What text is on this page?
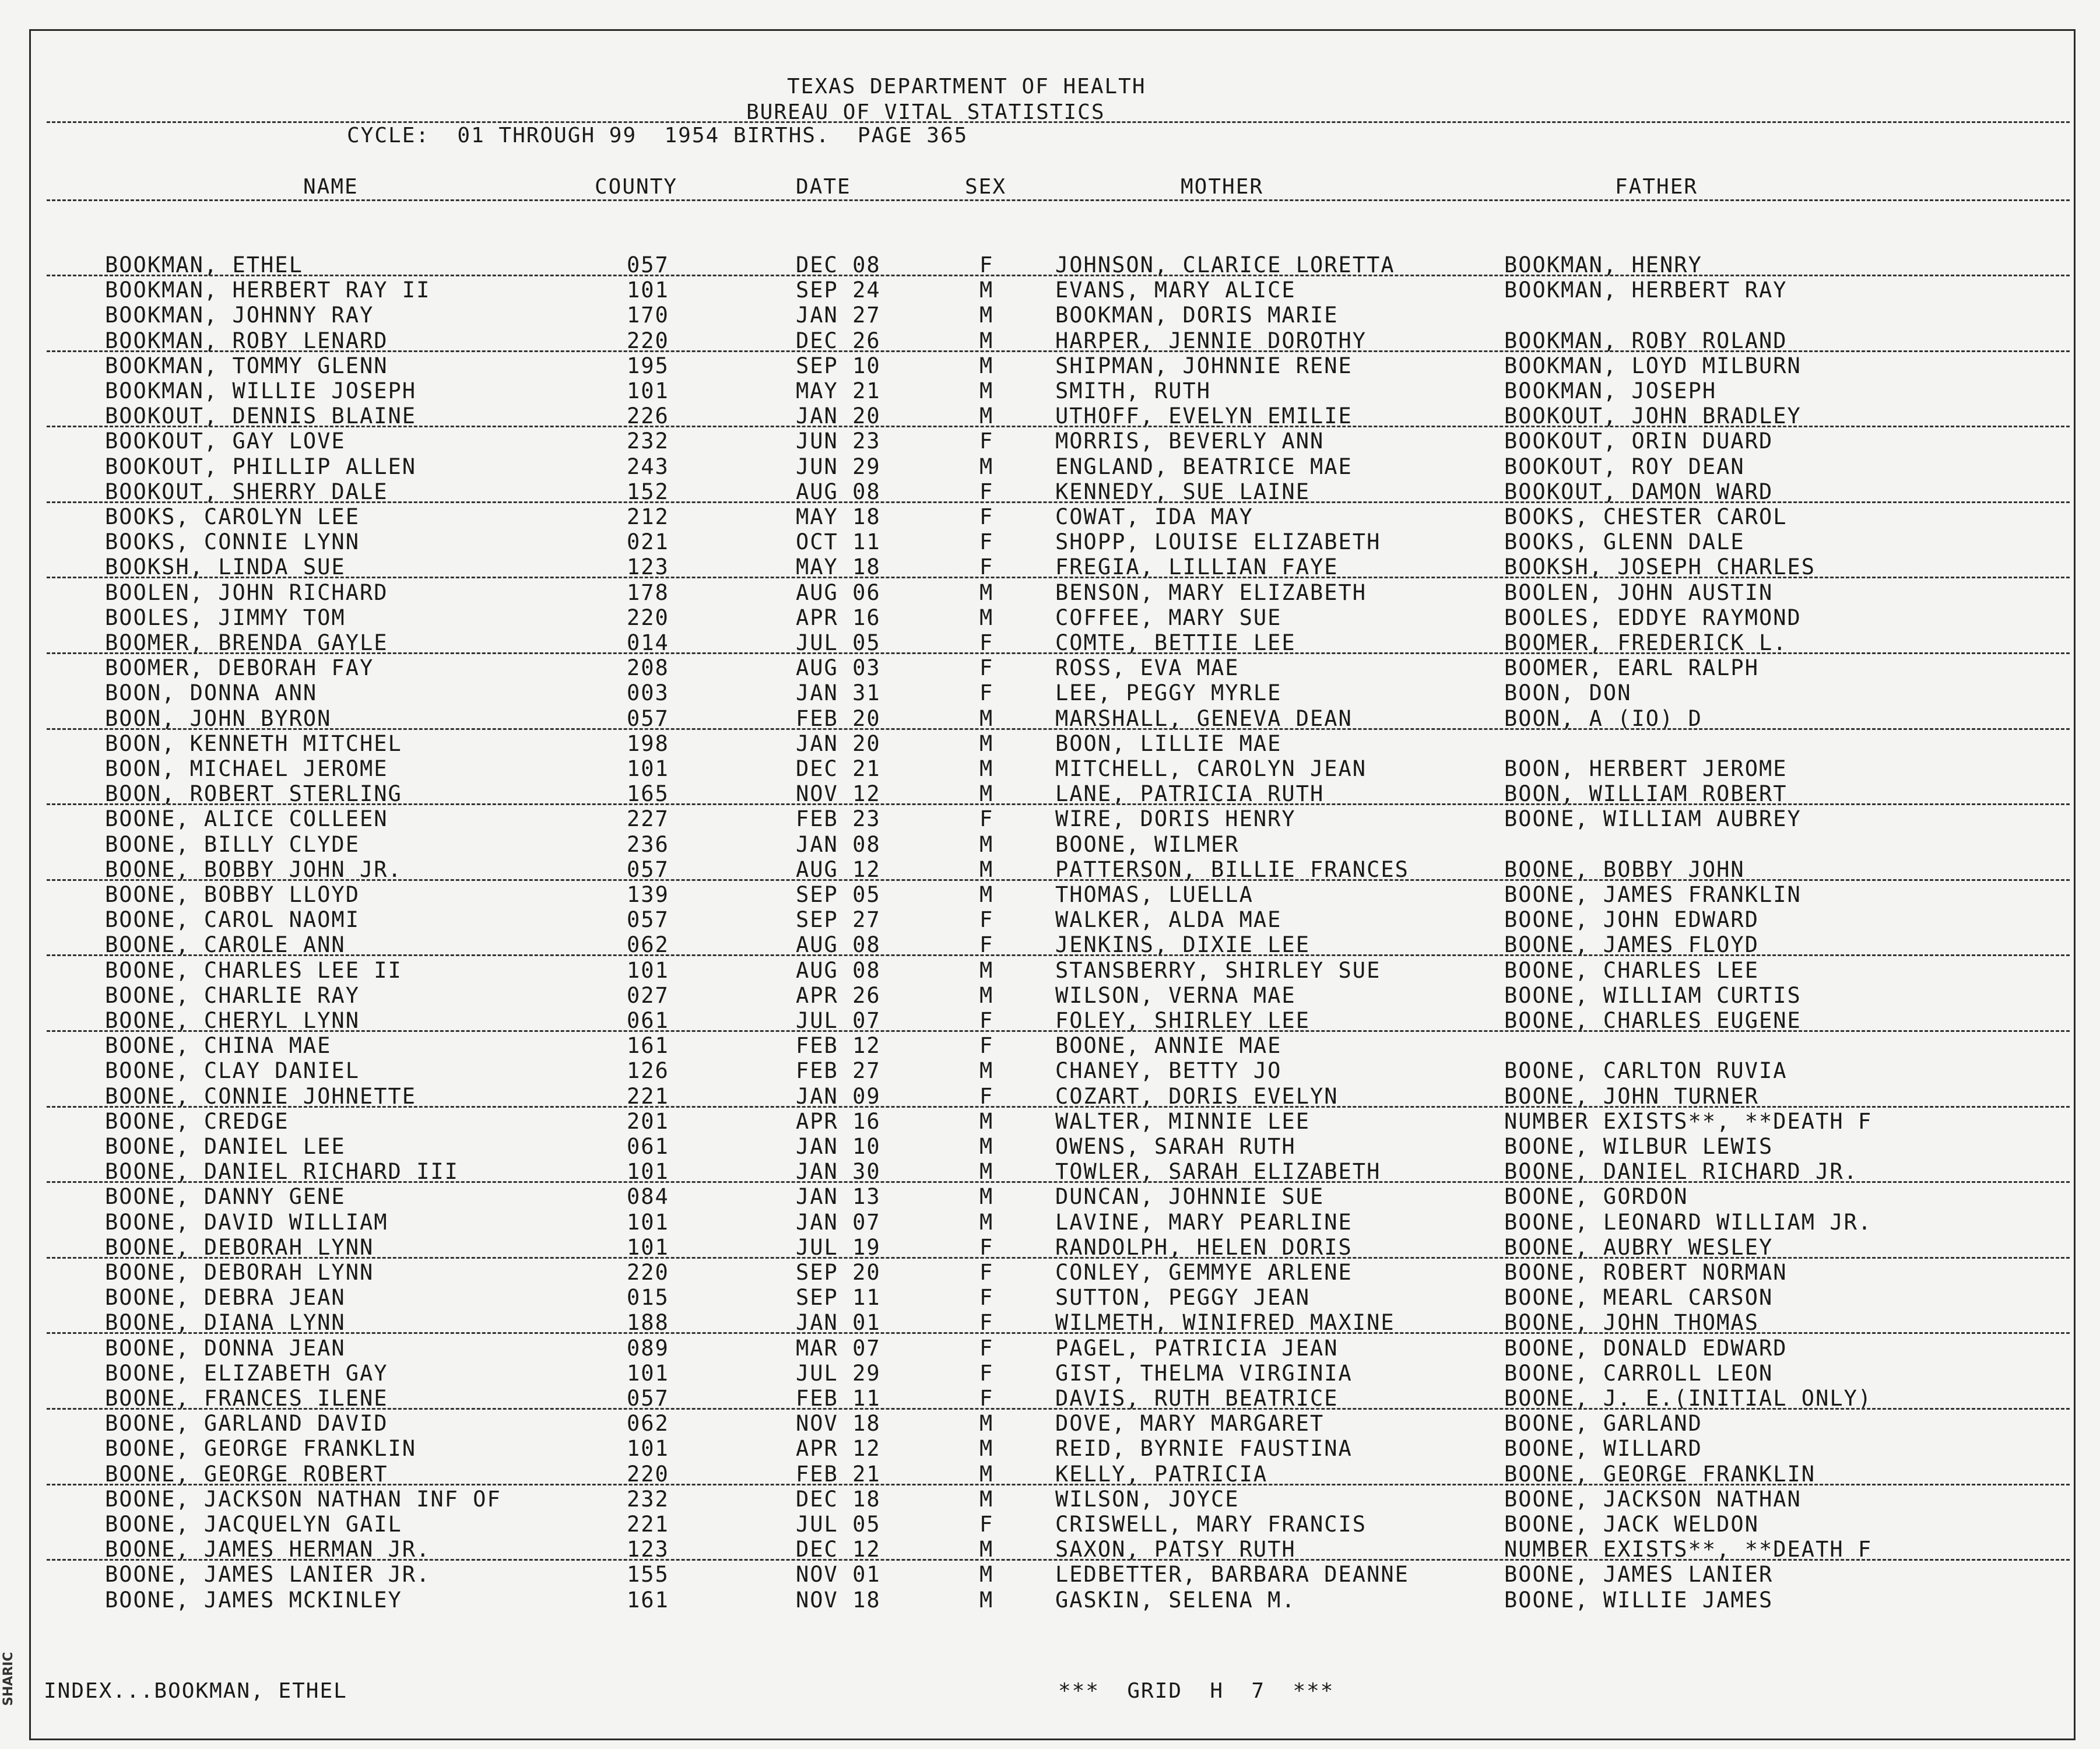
SHARIC
TEXAS DEPARTMENT OF HEALTH
BUREAU OF VITAL STATISTICS
CYCLE:  01 THROUGH 99  1954 BIRTHS.  PAGE 365
NAME	COUNTY	DATE	SEX	MOTHER	FATHER
BOOKMAN, ETHEL	057	DEC 08	F	JOHNSON, CLARICE LORETTA	BOOKMAN, HENRY
BOOKMAN, HERBERT RAY II	101	SEP 24	M	EVANS, MARY ALICE	BOOKMAN, HERBERT RAY
BOOKMAN, JOHNNY RAY	170	JAN 27	M	BOOKMAN, DORIS MARIE
BOOKMAN, ROBY LENARD	220	DEC 26	M	HARPER, JENNIE DOROTHY	BOOKMAN, ROBY ROLAND
BOOKMAN, TOMMY GLENN	195	SEP 10	M	SHIPMAN, JOHNNIE RENE	BOOKMAN, LOYD MILBURN
BOOKMAN, WILLIE JOSEPH	101	MAY 21	M	SMITH, RUTH	BOOKMAN, JOSEPH
BOOKOUT, DENNIS BLAINE	226	JAN 20	M	UTHOFF, EVELYN EMILIE	BOOKOUT, JOHN BRADLEY
BOOKOUT, GAY LOVE	232	JUN 23	F	MORRIS, BEVERLY ANN	BOOKOUT, ORIN DUARD
BOOKOUT, PHILLIP ALLEN	243	JUN 29	M	ENGLAND, BEATRICE MAE	BOOKOUT, ROY DEAN
BOOKOUT, SHERRY DALE	152	AUG 08	F	KENNEDY, SUE LAINE	BOOKOUT, DAMON WARD
BOOKS, CAROLYN LEE	212	MAY 18	F	COWAT, IDA MAY	BOOKS, CHESTER CAROL
BOOKS, CONNIE LYNN	021	OCT 11	F	SHOPP, LOUISE ELIZABETH	BOOKS, GLENN DALE
BOOKSH, LINDA SUE	123	MAY 18	F	FREGIA, LILLIAN FAYE	BOOKSH, JOSEPH CHARLES
BOOLEN, JOHN RICHARD	178	AUG 06	M	BENSON, MARY ELIZABETH	BOOLEN, JOHN AUSTIN
BOOLES, JIMMY TOM	220	APR 16	M	COFFEE, MARY SUE	BOOLES, EDDYE RAYMOND
BOOMER, BRENDA GAYLE	014	JUL 05	F	COMTE, BETTIE LEE	BOOMER, FREDERICK L.
BOOMER, DEBORAH FAY	208	AUG 03	F	ROSS, EVA MAE	BOOMER, EARL RALPH
BOON, DONNA ANN	003	JAN 31	F	LEE, PEGGY MYRLE	BOON, DON
BOON, JOHN BYRON	057	FEB 20	M	MARSHALL, GENEVA DEAN	BOON, A (IO) D
BOON, KENNETH MITCHEL	198	JAN 20	M	BOON, LILLIE MAE
BOON, MICHAEL JEROME	101	DEC 21	M	MITCHELL, CAROLYN JEAN	BOON, HERBERT JEROME
BOON, ROBERT STERLING	165	NOV 12	M	LANE, PATRICIA RUTH	BOON, WILLIAM ROBERT
BOONE, ALICE COLLEEN	227	FEB 23	F	WIRE, DORIS HENRY	BOONE, WILLIAM AUBREY
BOONE, BILLY CLYDE	236	JAN 08	M	BOONE, WILMER
BOONE, BOBBY JOHN JR.	057	AUG 12	M	PATTERSON, BILLIE FRANCES	BOONE, BOBBY JOHN
BOONE, BOBBY LLOYD	139	SEP 05	M	THOMAS, LUELLA	BOONE, JAMES FRANKLIN
BOONE, CAROL NAOMI	057	SEP 27	F	WALKER, ALDA MAE	BOONE, JOHN EDWARD
BOONE, CAROLE ANN	062	AUG 08	F	JENKINS, DIXIE LEE	BOONE, JAMES FLOYD
BOONE, CHARLES LEE II	101	AUG 08	M	STANSBERRY, SHIRLEY SUE	BOONE, CHARLES LEE
BOONE, CHARLIE RAY	027	APR 26	M	WILSON, VERNA MAE	BOONE, WILLIAM CURTIS
BOONE, CHERYL LYNN	061	JUL 07	F	FOLEY, SHIRLEY LEE	BOONE, CHARLES EUGENE
BOONE, CHINA MAE	161	FEB 12	F	BOONE, ANNIE MAE
BOONE, CLAY DANIEL	126	FEB 27	M	CHANEY, BETTY JO	BOONE, CARLTON RUVIA
BOONE, CONNIE JOHNETTE	221	JAN 09	F	COZART, DORIS EVELYN	BOONE, JOHN TURNER
BOONE, CREDGE	201	APR 16	M	WALTER, MINNIE LEE	NUMBER EXISTS**, **DEATH F
BOONE, DANIEL LEE	061	JAN 10	M	OWENS, SARAH RUTH	BOONE, WILBUR LEWIS
BOONE, DANIEL RICHARD III	101	JAN 30	M	TOWLER, SARAH ELIZABETH	BOONE, DANIEL RICHARD JR.
BOONE, DANNY GENE	084	JAN 13	M	DUNCAN, JOHNNIE SUE	BOONE, GORDON
BOONE, DAVID WILLIAM	101	JAN 07	M	LAVINE, MARY PEARLINE	BOONE, LEONARD WILLIAM JR.
BOONE, DEBORAH LYNN	101	JUL 19	F	RANDOLPH, HELEN DORIS	BOONE, AUBRY WESLEY
BOONE, DEBORAH LYNN	220	SEP 20	F	CONLEY, GEMMYE ARLENE	BOONE, ROBERT NORMAN
BOONE, DEBRA JEAN	015	SEP 11	F	SUTTON, PEGGY JEAN	BOONE, MEARL CARSON
BOONE, DIANA LYNN	188	JAN 01	F	WILMETH, WINIFRED MAXINE	BOONE, JOHN THOMAS
BOONE, DONNA JEAN	089	MAR 07	F	PAGEL, PATRICIA JEAN	BOONE, DONALD EDWARD
BOONE, ELIZABETH GAY	101	JUL 29	F	GIST, THELMA VIRGINIA	BOONE, CARROLL LEON
BOONE, FRANCES ILENE	057	FEB 11	F	DAVIS, RUTH BEATRICE	BOONE, J. E.(INITIAL ONLY)
BOONE, GARLAND DAVID	062	NOV 18	M	DOVE, MARY MARGARET	BOONE, GARLAND
BOONE, GEORGE FRANKLIN	101	APR 12	M	REID, BYRNIE FAUSTINA	BOONE, WILLARD
BOONE, GEORGE ROBERT	220	FEB 21	M	KELLY, PATRICIA	BOONE, GEORGE FRANKLIN
BOONE, JACKSON NATHAN INF OF	232	DEC 18	M	WILSON, JOYCE	BOONE, JACKSON NATHAN
BOONE, JACQUELYN GAIL	221	JUL 05	F	CRISWELL, MARY FRANCIS	BOONE, JACK WELDON
BOONE, JAMES HERMAN JR.	123	DEC 12	M	SAXON, PATSY RUTH	NUMBER EXISTS**, **DEATH F
BOONE, JAMES LANIER JR.	155	NOV 01	M	LEDBETTER, BARBARA DEANNE	BOONE, JAMES LANIER
BOONE, JAMES MCKINLEY	161	NOV 18	M	GASKIN, SELENA M.	BOONE, WILLIE JAMES
INDEX...BOOKMAN, ETHEL	***  GRID  H  7  ***
